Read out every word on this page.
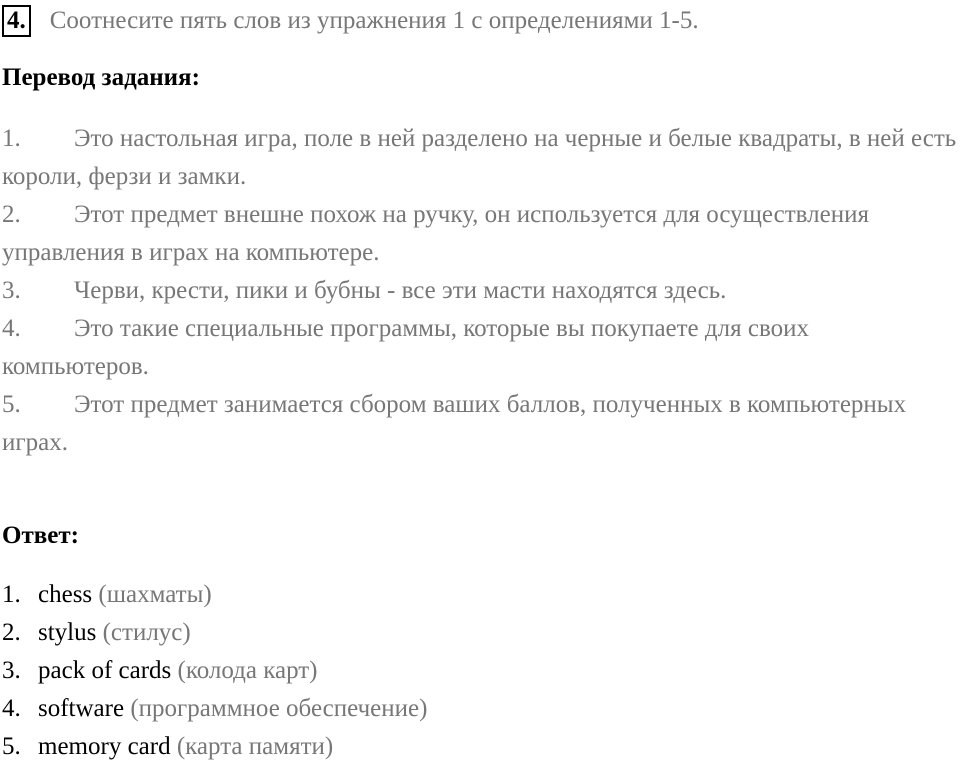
4. Соотнесите пять слов из упражнения 1 с определениями 1-5.
Перевод задания:
1. Это настольная игра, поле в ней разделено на черные и белые квадраты, в ней есть короли, ферзи и замки.
2. Этот предмет внешне похож на ручку, он используется для осуществления управления в играх на компьютере.
3. Черви, крести, пики и бубны - все эти масти находятся здесь.
4. Это такие специальные программы, которые вы покупаете для своих компьютеров.
5. Этот предмет занимается сбором ваших баллов, полученных в компьютерных играх.
Ответ:
1. chess (шахматы)
2. stylus (стилус)
3. pack of cards (колода карт)
4. software (программное обеспечение)
5. memory card (карта памяти)
